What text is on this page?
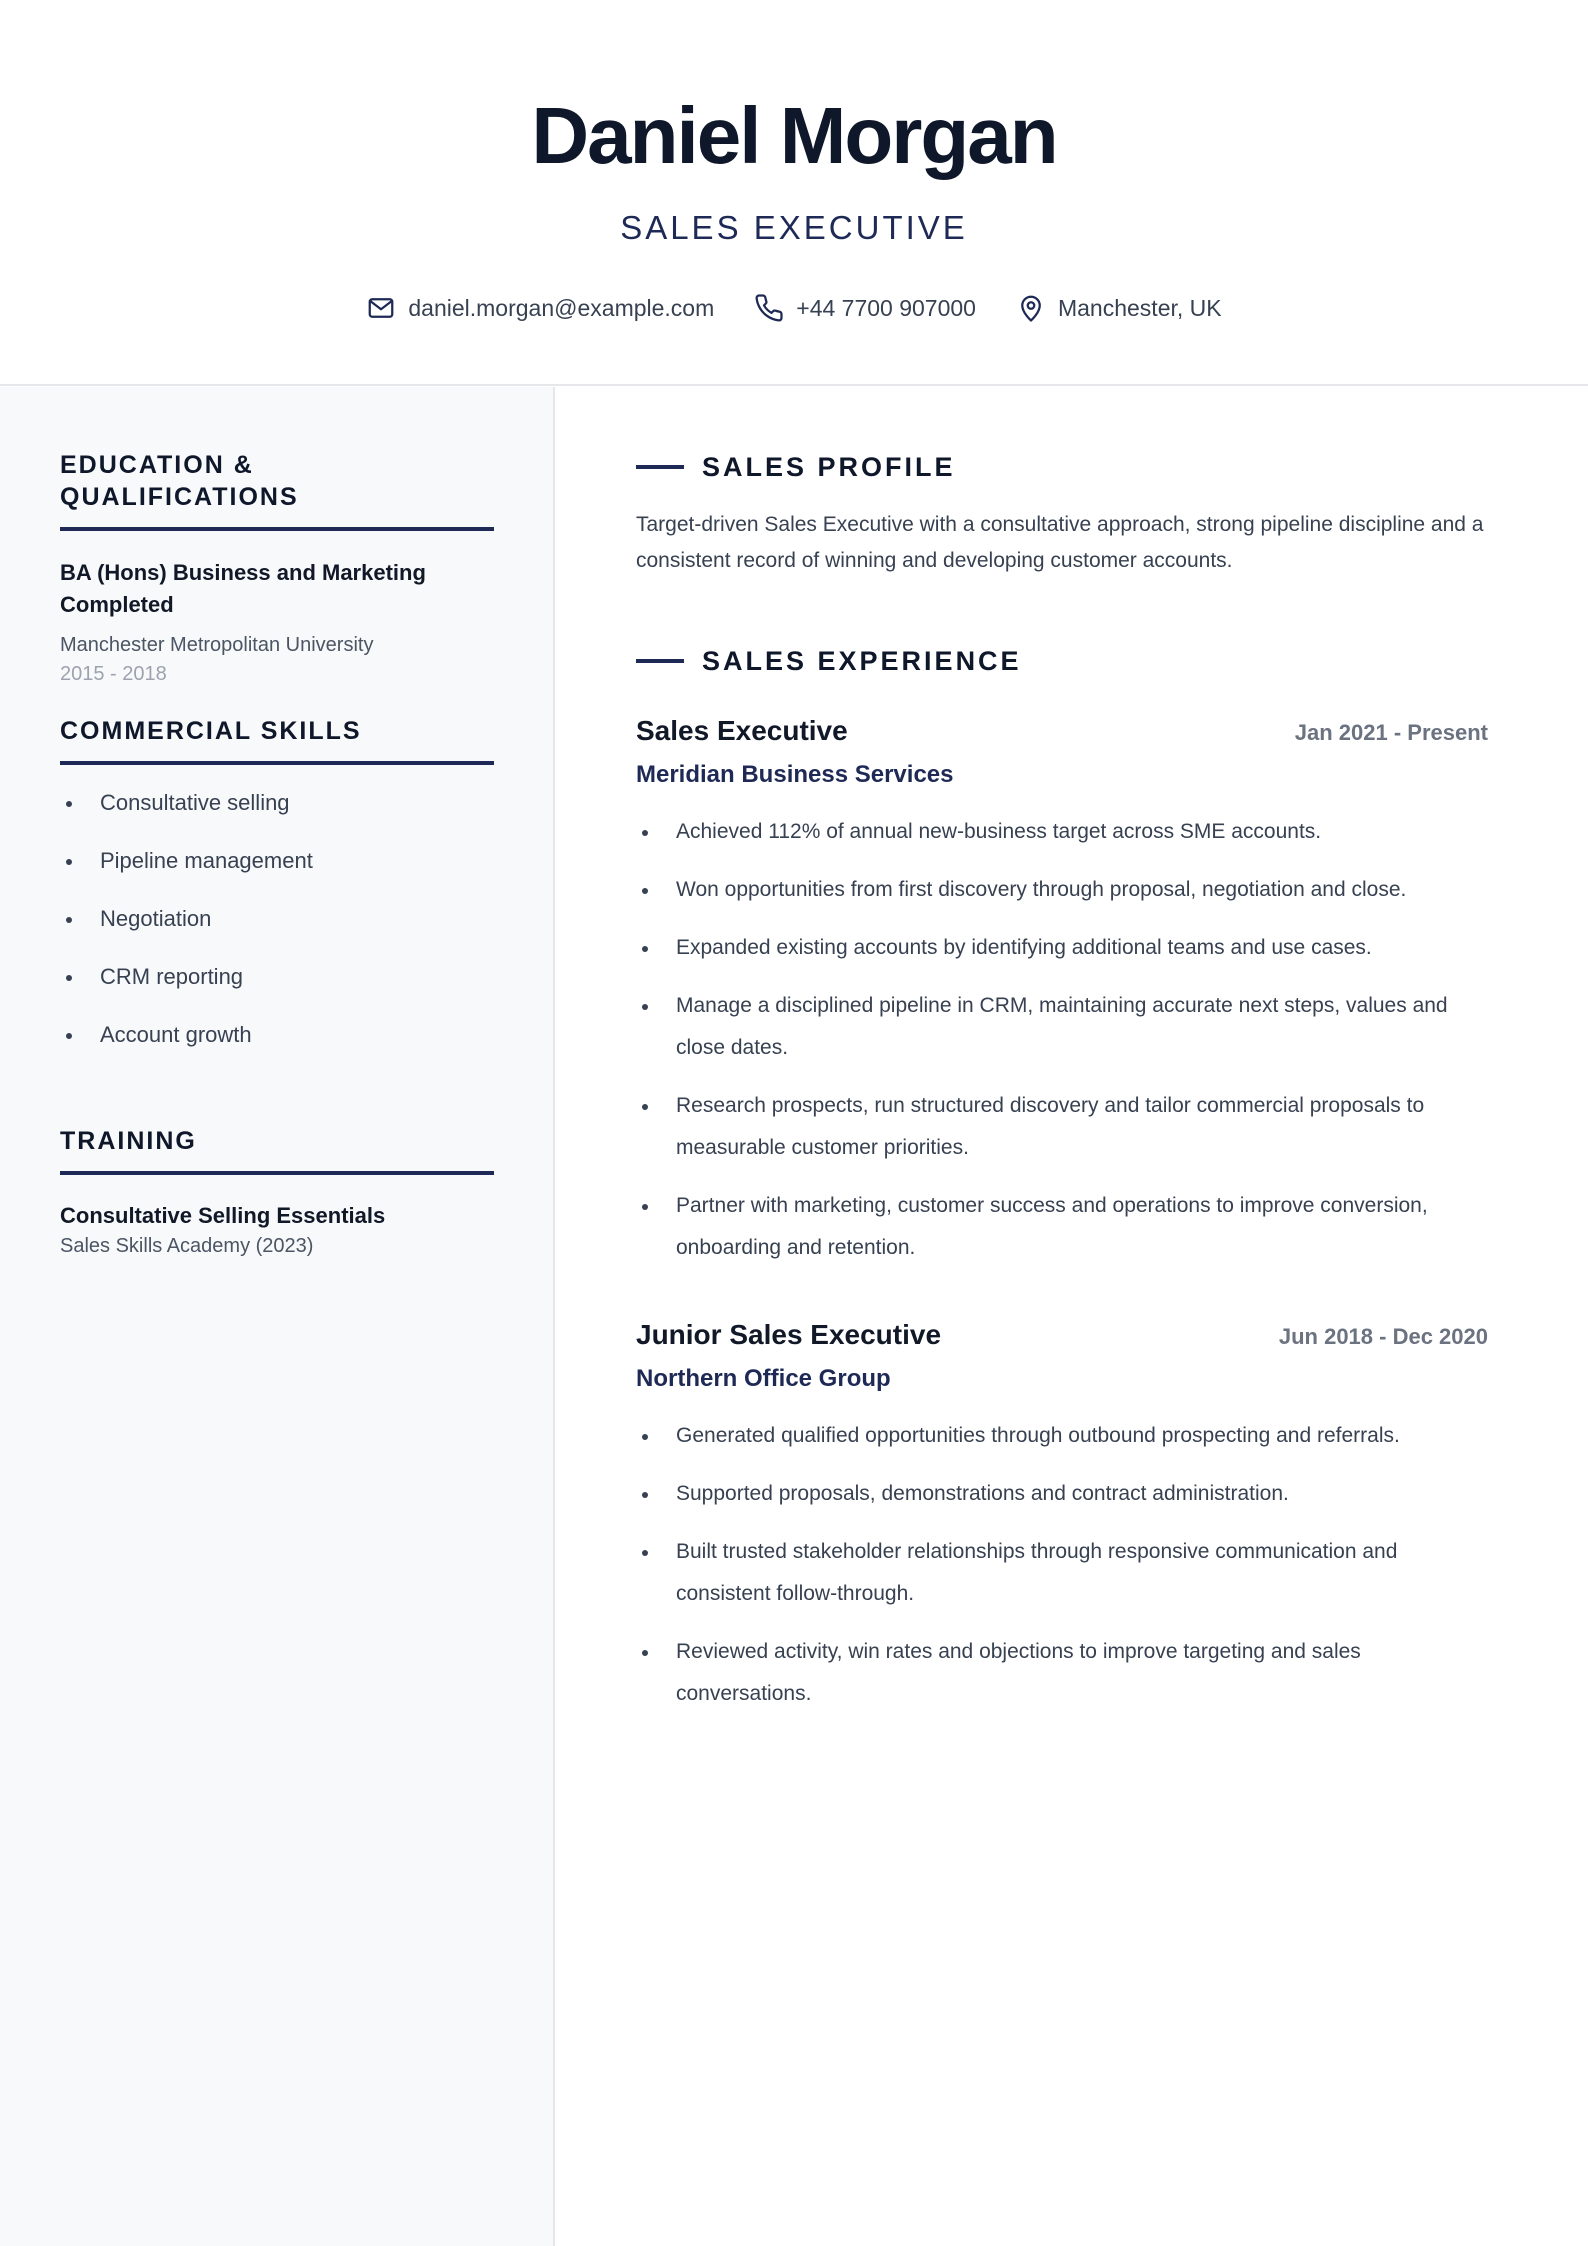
Daniel Morgan
SALES EXECUTIVE
daniel.morgan@example.com	+44 7700 907000	Manchester, UK
EDUCATION & QUALIFICATIONS
BA (Hons) Business and Marketing Completed
Manchester Metropolitan University
2015 - 2018
COMMERCIAL SKILLS
Consultative selling
Pipeline management
Negotiation
CRM reporting
Account growth
TRAINING
Consultative Selling Essentials
Sales Skills Academy (2023)
SALES PROFILE

Target-driven Sales Executive with a consultative approach, strong pipeline discipline and a consistent record of winning and developing customer accounts.

SALES EXPERIENCE
Sales Executive	Jan 2021 - Present
Meridian Business Services
Achieved 112% of annual new-business target across SME accounts.
Won opportunities from first discovery through proposal, negotiation and close.
Expanded existing accounts by identifying additional teams and use cases.
Manage a disciplined pipeline in CRM, maintaining accurate next steps, values and close dates.
Research prospects, run structured discovery and tailor commercial proposals to measurable customer priorities.
Partner with marketing, customer success and operations to improve conversion, onboarding and retention.
Junior Sales Executive	Jun 2018 - Dec 2020
Northern Office Group
Generated qualified opportunities through outbound prospecting and referrals.
Supported proposals, demonstrations and contract administration.
Built trusted stakeholder relationships through responsive communication and consistent follow-through.
Reviewed activity, win rates and objections to improve targeting and sales conversations.
